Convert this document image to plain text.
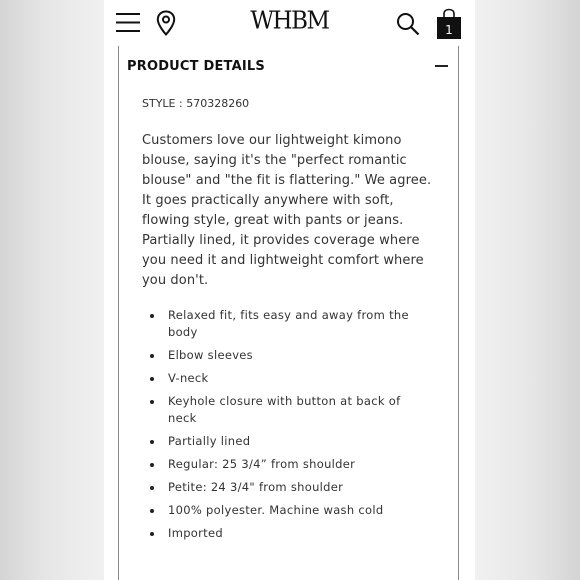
WHBM	1
PRODUCT DETAILS
STYLE : 570328260

Customers love our lightweight kimono blouse, saying it's the "perfect romantic blouse" and "the fit is flattering." We agree. It goes practically anywhere with soft, flowing style, great with pants or jeans. Partially lined, it provides coverage where you need it and lightweight comfort where you don't.

Relaxed fit, fits easy and away from the body
Elbow sleeves
V-neck
Keyhole closure with button at back of neck
Partially lined
Regular: 25 3/4” from shoulder
Petite: 24 3/4" from shoulder
100% polyester. Machine wash cold
Imported
